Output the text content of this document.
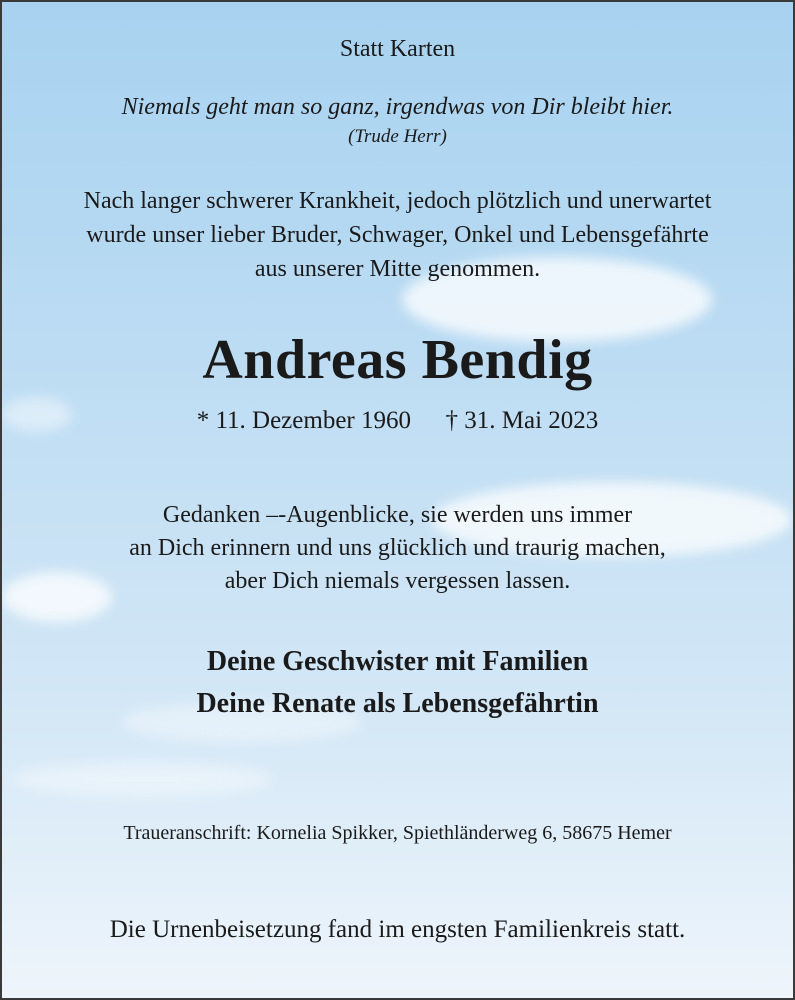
Statt Karten

Niemals geht man so ganz, irgendwas von Dir bleibt hier.

(Trude Herr)

Nach langer schwerer Krankheit, jedoch plötzlich und unerwartet

wurde unser lieber Bruder, Schwager, Onkel und Lebensgefährte

aus unserer Mitte genommen.

Andreas Bendig

* 11. Dezember 1960 † 31. Mai 2023

Gedanken –-Augenblicke, sie werden uns immer

an Dich erinnern und uns glücklich und traurig machen,

aber Dich niemals vergessen lassen.

Deine Geschwister mit Familien

Deine Renate als Lebensgefährtin

Traueranschrift: Kornelia Spikker, Spiethländerweg 6, 58675 Hemer

Die Urnenbeisetzung fand im engsten Familienkreis statt.
